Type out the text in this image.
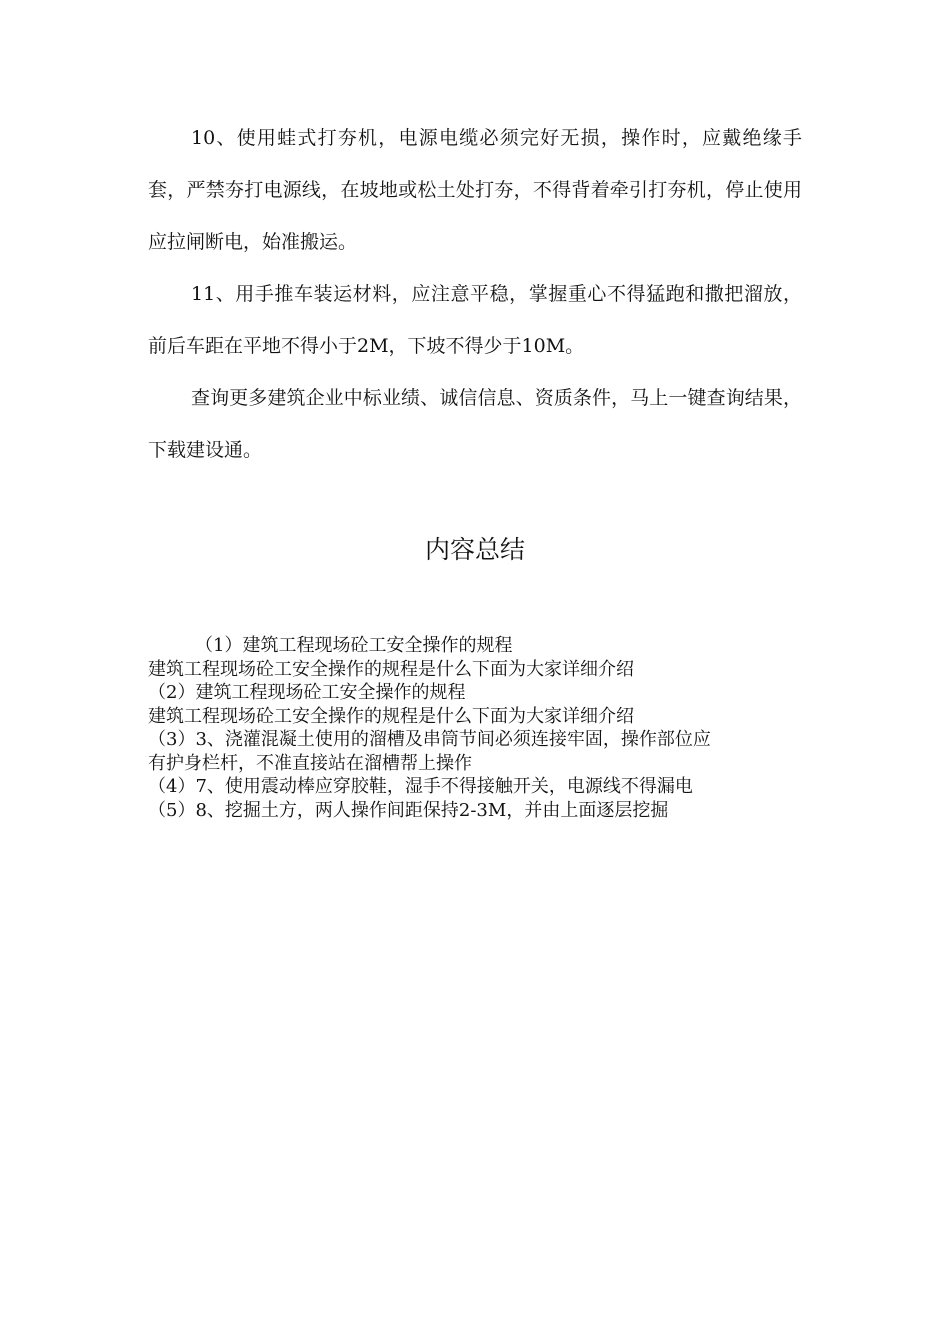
10、使用蛙式打夯机，电源电缆必须完好无损，操作时，应戴绝缘手套，严禁夯打电源线，在坡地或松土处打夯，不得背着牵引打夯机，停止使用应拉闸断电，始准搬运。

11、用手推车装运材料，应注意平稳，掌握重心不得猛跑和撒把溜放，前后车距在平地不得小于2M，下坡不得少于10M。

查询更多建筑企业中标业绩、诚信信息、资质条件，马上一键查询结果，下载建设通。

内容总结
（1）建筑工程现场砼工安全操作的规程
建筑工程现场砼工安全操作的规程是什么下面为大家详细介绍
（2）建筑工程现场砼工安全操作的规程
建筑工程现场砼工安全操作的规程是什么下面为大家详细介绍
（3）3、浇灌混凝土使用的溜槽及串筒节间必须连接牢固，操作部位应
有护身栏杆，不准直接站在溜槽帮上操作
（4）7、使用震动棒应穿胶鞋，湿手不得接触开关，电源线不得漏电
（5）8、挖掘土方，两人操作间距保持2-3M，并由上面逐层挖掘
